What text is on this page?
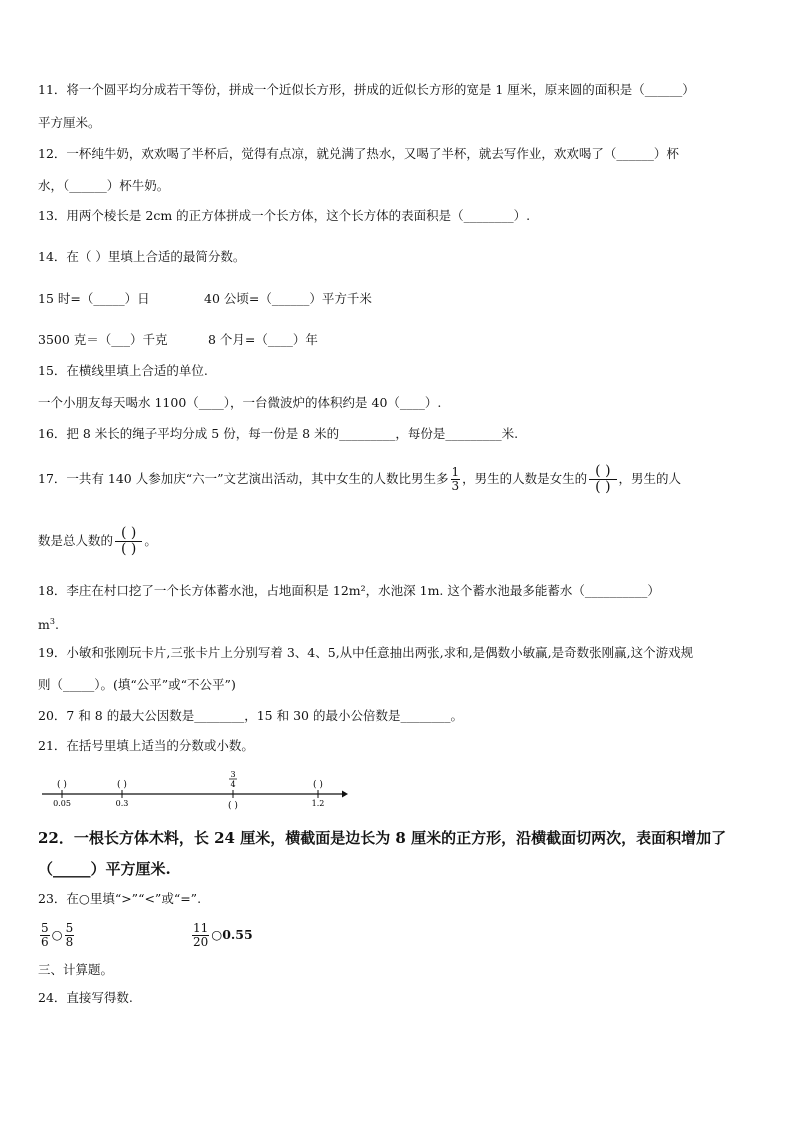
11．将一个圆平均分成若干等份，拼成一个近似长方形，拼成的近似长方形的宽是 1 厘米，原来圆的面积是（______）
平方厘米。
12．一杯纯牛奶，欢欢喝了半杯后，觉得有点凉，就兑满了热水，又喝了半杯，就去写作业，欢欢喝了（______）杯
水，（______）杯牛奶。
13．用两个棱长是 2cm 的正方体拼成一个长方体，这个长方体的表面积是（________）.
14．在（ ）里填上合适的最简分数。
15 时=（_____）日	40 公顷=（______）平方千米
3500 克＝（___）千克	8 个月=（____）年
15．在横线里填上合适的单位.
一个小朋友每天喝水 1100（____），一台微波炉的体积约是 40（____）.
16．把 8 米长的绳子平均分成 5 份，每一份是 8 米的_________，每份是_________米.
17．一共有 140 人参加庆“六一”文艺演出活动，其中女生的人数比男生多 $\frac{1}{3}$ ，男生的人数是女生的 $\frac{( )}{( )}$ ，男生的人
数是总人数的 $\frac{( )}{( )}$ 。
18．李庄在村口挖了一个长方体蓄水池，占地面积是 12m²，水池深 1m. 这个蓄水池最多能蓄水（__________）
$m^3$.
19．小敏和张刚玩卡片,三张卡片上分别写着 3、4、5,从中任意抽出两张,求和,是偶数小敏赢,是奇数张刚赢,这个游戏规
则（_____）。(填“公平”或“不公平”)
20．7 和 8 的最大公因数是________，15 和 30 的最小公倍数是________。
21．在括号里填上适当的分数或小数。
( )	( )	( )
0.05	0.3	1.2
3
4
( )
22．一根长方体木料，长 24 厘米，横截面是边长为 8 厘米的正方形，沿横截面切两次，表面积增加了
（_____）平方厘米.
23．在○里填“>”“<”或“=”.
$\frac{5}{6}$ ○ $\frac{5}{8}$	$\frac{11}{20}$ ○0.55
三、计算题。
24．直接写得数.
